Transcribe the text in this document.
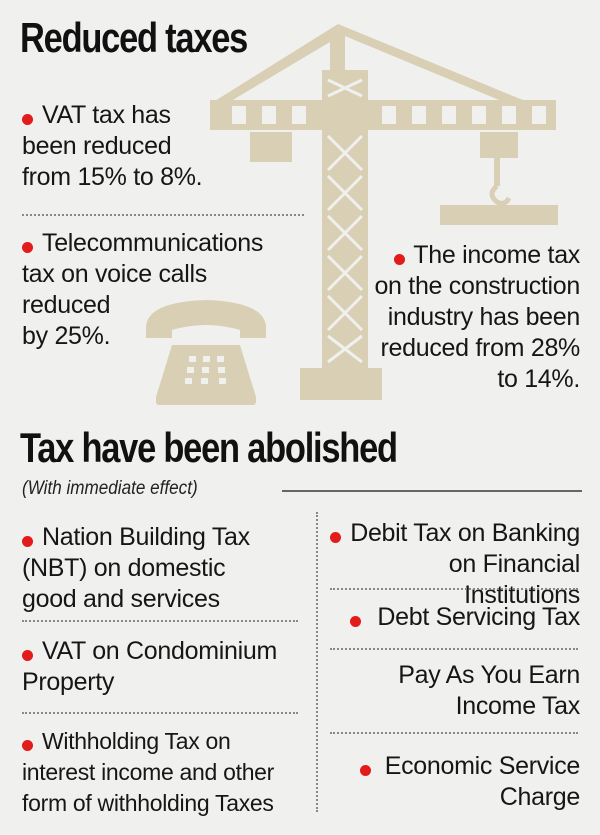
Reduced taxes
VAT tax has
been reduced
from 15% to 8%.
Telecommunications
tax on voice calls
reduced
by 25%.
The income tax
on the construction
industry has been
reduced from 28%
to 14%.
Tax have been abolished
(With immediate effect)
Nation Building Tax
(NBT) on domestic
good and services
VAT on Condominium
Property
Withholding Tax on
interest income and other
form of withholding Taxes
Debit Tax on Banking
on Financial Institutions
Debt Servicing Tax
Pay As You Earn
Income Tax
Economic Service
Charge
